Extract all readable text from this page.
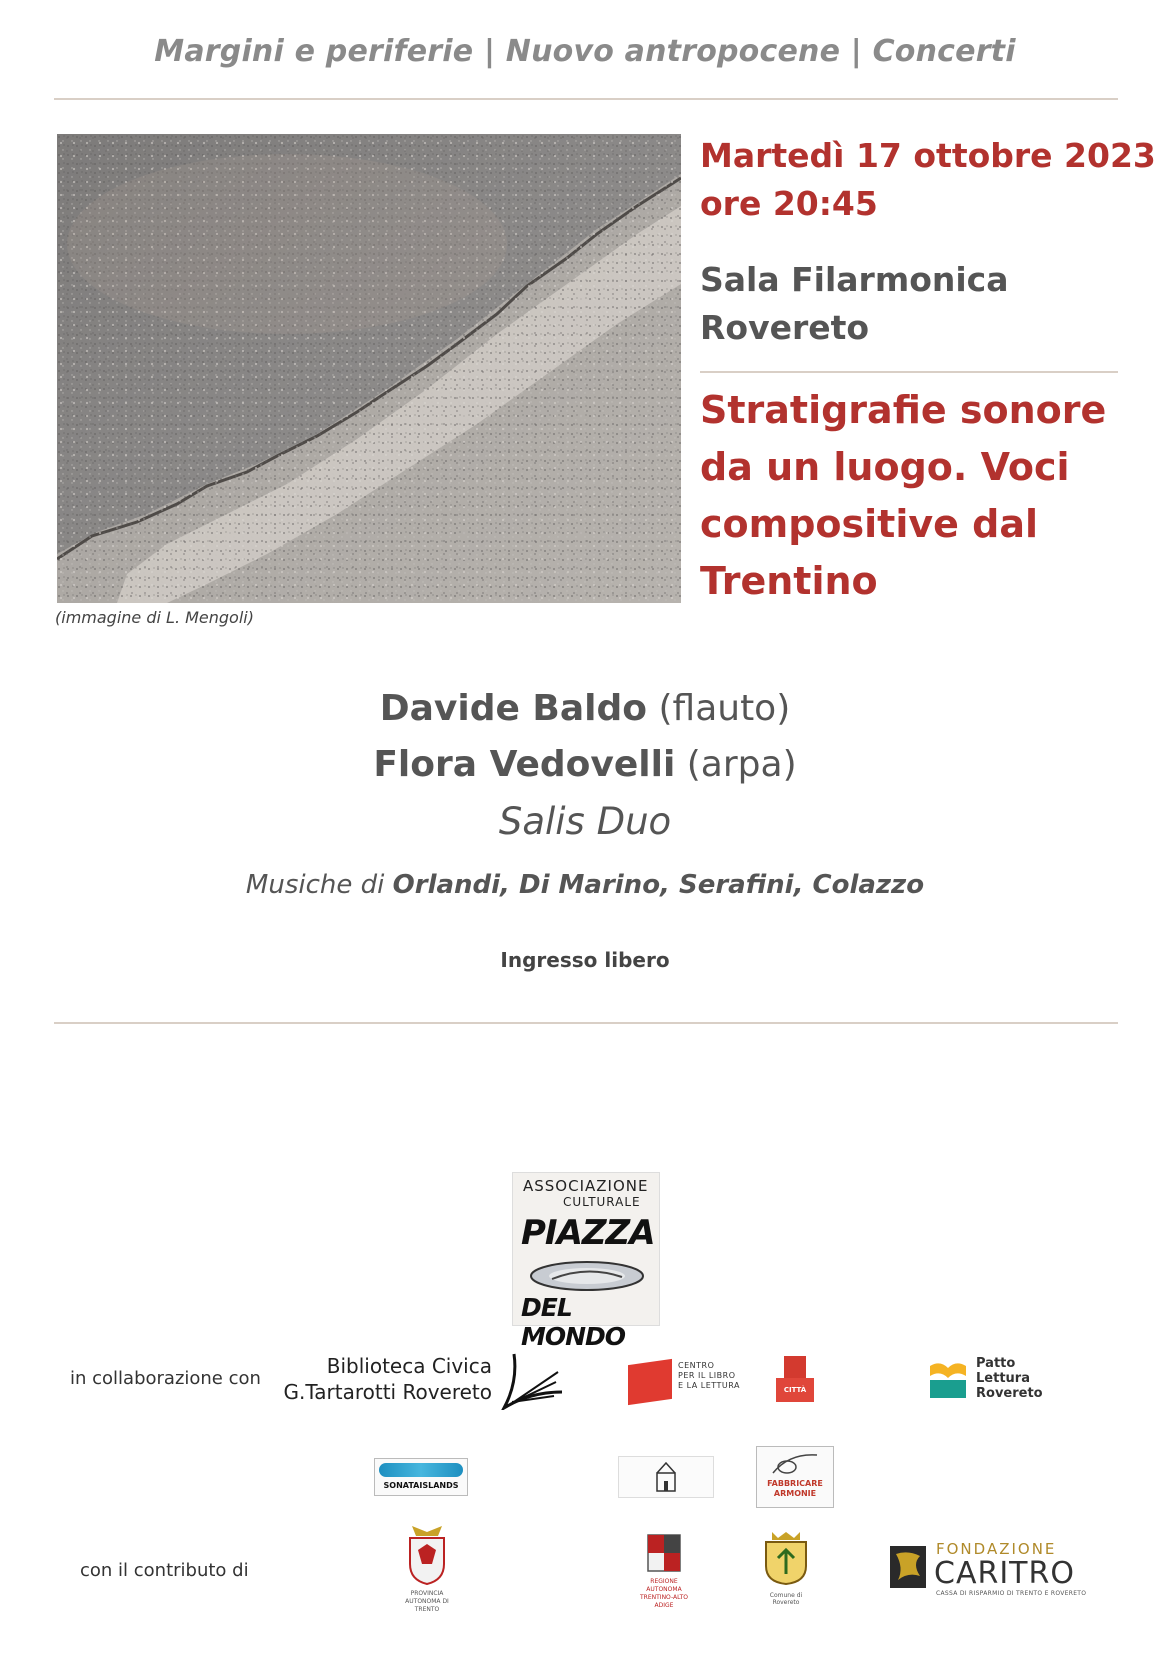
Margini e periferie | Nuovo antropocene | Concerti
(immagine di L. Mengoli)
Martedì 17 ottobre 2023
ore 20:45
Sala Filarmonica
Rovereto
Stratigrafie sonore da un luogo. Voci compositive dal Trentino
Davide Baldo (flauto)
Flora Vedovelli (arpa)
Salis Duo
Musiche di Orlandi, Di Marino, Serafini, Colazzo
Ingresso libero
ASSOCIAZIONE
CULTURALE
PIAZZA
DEL MONDO
in collaborazione con
Biblioteca Civica
G.Tartarotti Rovereto
CENTRO
PER IL LIBRO
E LA LETTURA	CITTÀ
Patto
Lettura
Rovereto
SONATAISLANDS	FABBRICARE
ARMONIE
con il contributo di
PROVINCIA AUTONOMA DI TRENTO
REGIONE AUTONOMA TRENTINO-ALTO ADIGE
Comune di Rovereto
FONDAZIONE
CARITRO
CASSA DI RISPARMIO DI TRENTO E ROVERETO
